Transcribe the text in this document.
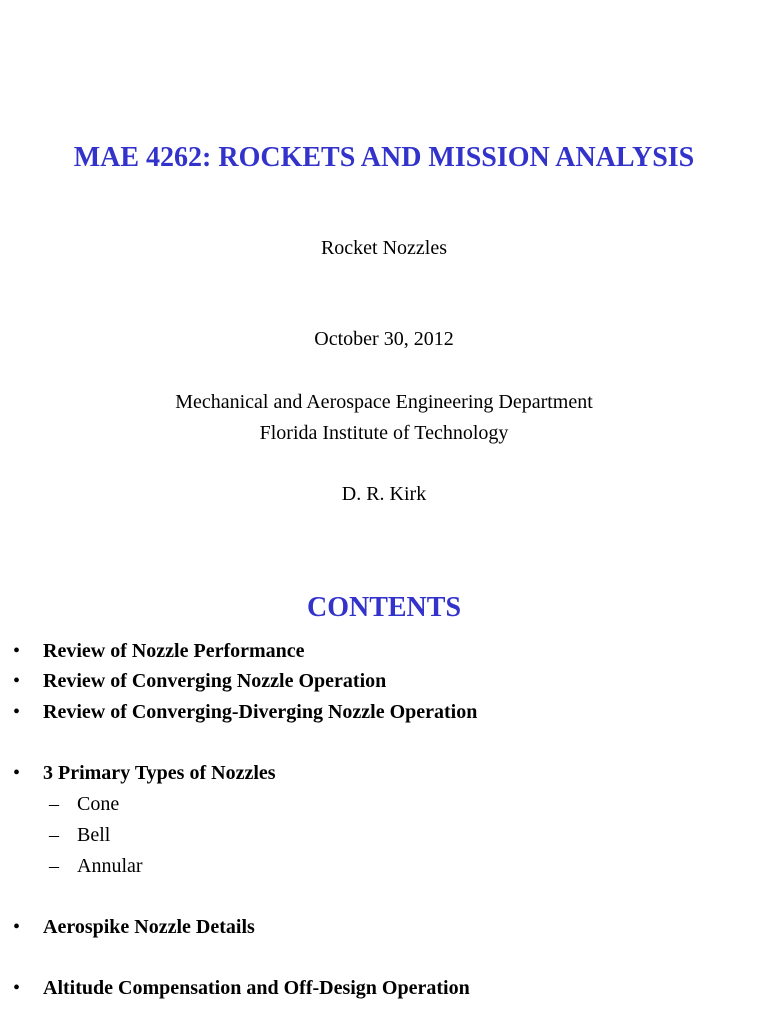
MAE 4262: ROCKETS AND MISSION ANALYSIS
Rocket Nozzles
October 30, 2012
Mechanical and Aerospace Engineering Department
Florida Institute of Technology
D. R. Kirk
CONTENTS
• Review of Nozzle Performance
• Review of Converging Nozzle Operation
• Review of Converging-Diverging Nozzle Operation
• 3 Primary Types of Nozzles
– Cone
– Bell
– Annular
• Aerospike Nozzle Details
• Altitude Compensation and Off-Design Operation
